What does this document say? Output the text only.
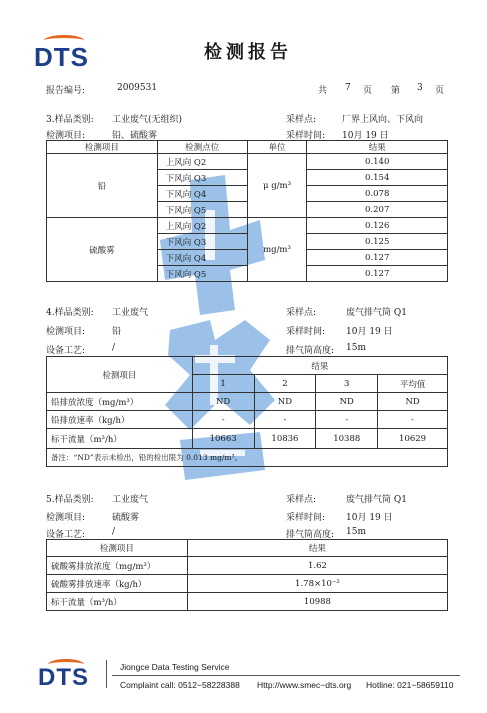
DTS	检测报告
报告编号:	2009531	共 7 页 第 3 页
3.样品类别: 工业废气(无组织)	采样点:	厂界上风向、下风向
检测项目:	铅、硫酸雾	采样时间: 10月 19 日
检测项目	检测点位	单位	结果
铅	上风向 Q2	μ g/m³	0.140
	下风向 Q3		0.154
	下风向 Q4		0.078
	下风向 Q5		0.207
硫酸雾	上风向 Q2	mg/m³	0.126
	下风向 Q3		0.125
	下风向 Q4		0.127
	下风向 Q5		0.127
4.样品类别: 工业废气	采样点:	废气排气筒 Q1
检测项目:	铅	采样时间: 10月 19 日
设备工艺:	/	排气筒高度: 15m
检测项目	结果			
	1	2	3	平均值
铅排放浓度（mg/m³）	ND	ND	ND	ND
铅排放速率（kg/h）	-	-	-	-
标干流量（m³/h）	10663	10836	10388	10629
备注：“ND”表示未检出，铅的检出限为 0.013 mg/m³。				
5.样品类别: 工业废气	采样点:	废气排气筒 Q1
检测项目:	硫酸雾	采样时间: 10月 19 日
设备工艺:	/	排气筒高度: 15m
检测项目	结果
硫酸雾排放浓度（mg/m³）	1.62
硫酸雾排放速率（kg/h）	1.78×10⁻²
标干流量（m³/h）	10988
DTS	Jiongce Data Testing Service
Complaint call: 0512−58228388 Http://www.smec−dts.org Hotline: 021−58659110
